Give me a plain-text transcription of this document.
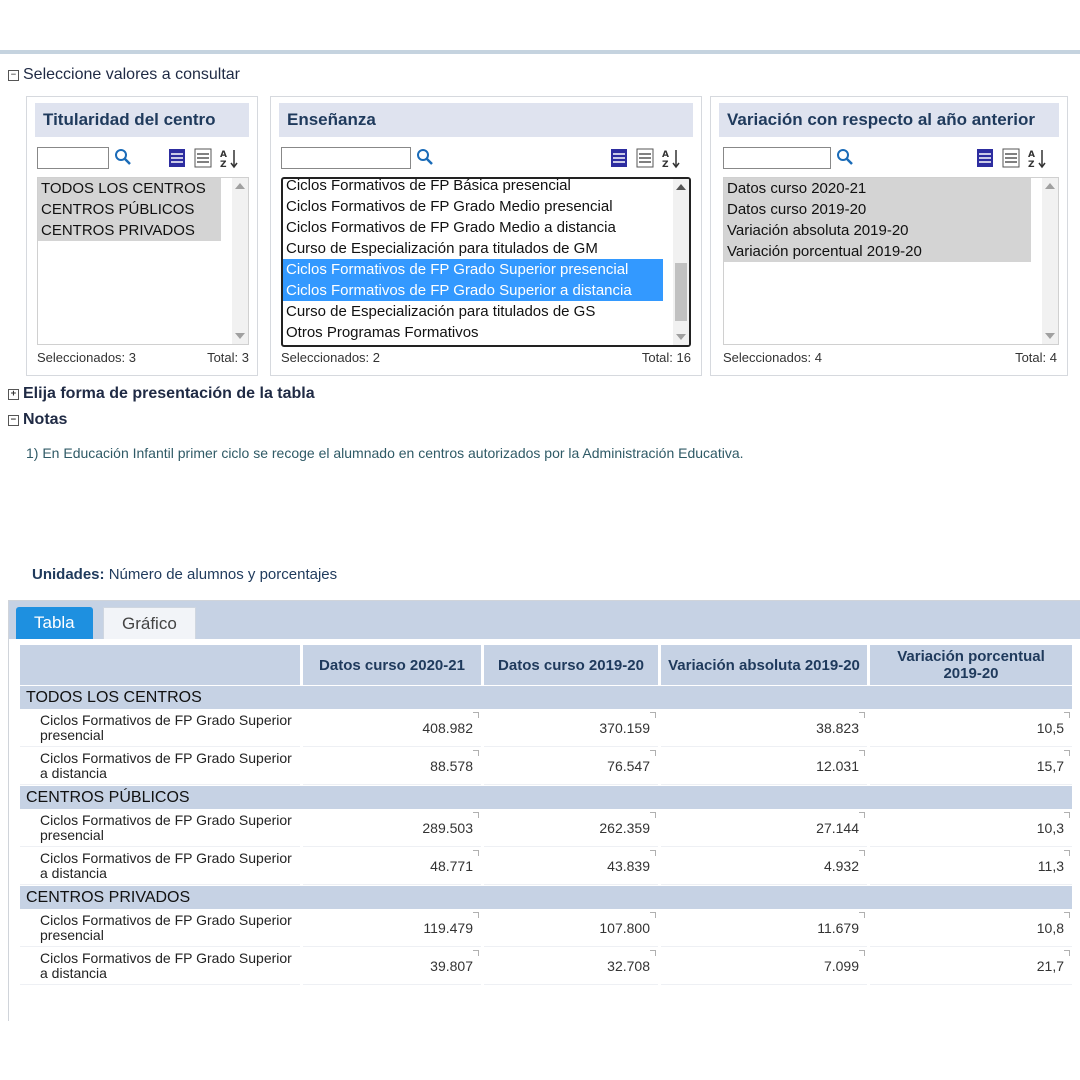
− Seleccione valores a consultar
Titularidad del centro
A
Z
TODOS LOS CENTROS
CENTROS PÚBLICOS
CENTROS PRIVADOS
Seleccionados: 3	Total: 3
Enseñanza
A
Z
Ciclos Formativos de FP Básica presencial
Ciclos Formativos de FP Grado Medio presencial
Ciclos Formativos de FP Grado Medio a distancia
Curso de Especialización para titulados de GM
Ciclos Formativos de FP Grado Superior presencial
Ciclos Formativos de FP Grado Superior a distancia
Curso de Especialización para titulados de GS
Otros Programas Formativos
Seleccionados: 2	Total: 16
Variación con respecto al año anterior
A
Z
Datos curso 2020-21
Datos curso 2019-20
Variación absoluta 2019-20
Variación porcentual 2019-20
Seleccionados: 4	Total: 4
+ Elija forma de presentación de la tabla
− Notas
1) En Educación Infantil primer ciclo se recoge el alumnado en centros autorizados por la Administración Educativa.
Unidades: Número de alumnos y porcentajes
Tabla	Gráfico
	Datos curso 2020-21	Datos curso 2019-20	Variación absoluta 2019-20	Variación porcentual 2019-20
TODOS LOS CENTROS				
Ciclos Formativos de FP Grado Superior presencial	408.982	370.159	38.823	10,5
Ciclos Formativos de FP Grado Superior a distancia	88.578	76.547	12.031	15,7
CENTROS PÚBLICOS				
Ciclos Formativos de FP Grado Superior presencial	289.503	262.359	27.144	10,3
Ciclos Formativos de FP Grado Superior a distancia	48.771	43.839	4.932	11,3
CENTROS PRIVADOS				
Ciclos Formativos de FP Grado Superior presencial	119.479	107.800	11.679	10,8
Ciclos Formativos de FP Grado Superior a distancia	39.807	32.708	7.099	21,7
